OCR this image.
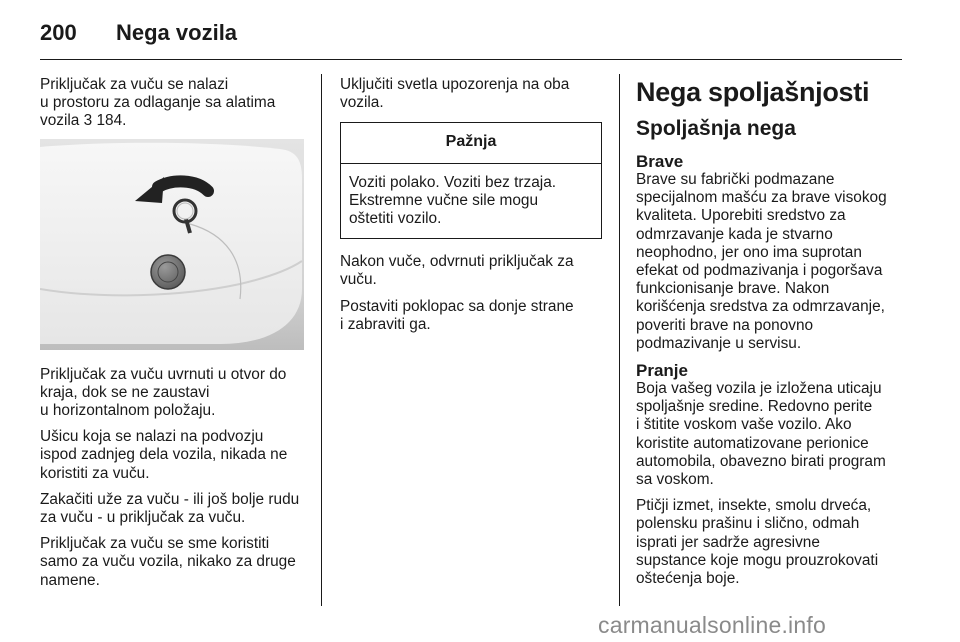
200 Nega vozila

Priključak za vuču se nalazi
u prostoru za odlaganje sa alatima
vozila 3 184.

Priključak za vuču uvrnuti u otvor do
kraja, dok se ne zaustavi
u horizontalnom položaju.

Ušicu koja se nalazi na podvozju
ispod zadnjeg dela vozila, nikada ne
koristiti za vuču.

Zakačiti uže za vuču - ili još bolje rudu
za vuču - u priključak za vuču.

Priključak za vuču se sme koristiti
samo za vuču vozila, nikako za druge
namene.

Uključiti svetla upozorenja na oba
vozila.

Pažnja
Voziti polako. Voziti bez trzaja.
Ekstremne vučne sile mogu
oštetiti vozilo.

Nakon vuče, odvrnuti priključak za
vuču.

Postaviti poklopac sa donje strane
i zabraviti ga.

Nega spoljašnjosti
Spoljašnja nega
Brave

Brave su fabrički podmazane
specijalnom mašću za brave visokog
kvaliteta. Uporebiti sredstvo za
odmrzavanje kada je stvarno
neophodno, jer ono ima suprotan
efekat od podmazivanja i pogoršava
funkcionisanje brave. Nakon
korišćenja sredstva za odmrzavanje,
poveriti brave na ponovno
podmazivanje u servisu.

Pranje

Boja vašeg vozila je izložena uticaju
spoljašnje sredine. Redovno perite
i štitite voskom vaše vozilo. Ako
koristite automatizovane perionice
automobila, obavezno birati program
sa voskom.

Ptičji izmet, insekte, smolu drveća,
polensku prašinu i slično, odmah
isprati jer sadrže agresivne
supstance koje mogu prouzrokovati
oštećenja boje.

carmanualsonline.info
